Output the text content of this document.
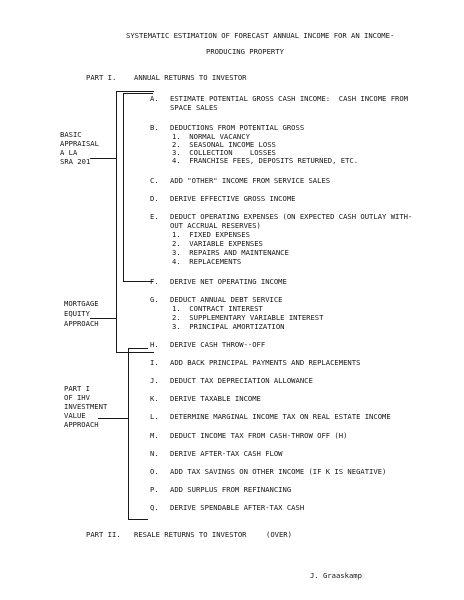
SYSTEMATIC ESTIMATION OF FORECAST ANNUAL INCOME FOR AN INCOME-
PRODUCING PROPERTY
PART I. ANNUAL RETURNS TO INVESTOR
BASIC
APPRAISAL
A LA
SRA 201
MORTGAGE
EQUITY
APPROACH
PART I
OF IHV
INVESTMENT
VALUE
APPROACH
A. ESTIMATE POTENTIAL GROSS CASH INCOME:  CASH INCOME FROM
SPACE SALES
B. DEDUCTIONS FROM POTENTIAL GROSS
1.  NORMAL VACANCY
2.  SEASONAL INCOME LOSS
3.  COLLECTION    LOSSES
4.  FRANCHISE FEES, DEPOSITS RETURNED, ETC.
C. ADD "OTHER" INCOME FROM SERVICE SALES
D. DERIVE EFFECTIVE GROSS INCOME
E. DEDUCT OPERATING EXPENSES (ON EXPECTED CASH OUTLAY WITH-
OUT ACCRUAL RESERVES)
1.  FIXED EXPENSES
2.  VARIABLE EXPENSES
3.  REPAIRS AND MAINTENANCE
4.  REPLACEMENTS
F. DERIVE NET OPERATING INCOME
G. DEDUCT ANNUAL DEBT SERVICE
1.  CONTRACT INTEREST
2.  SUPPLEMENTARY VARIABLE INTEREST
3.  PRINCIPAL AMORTIZATION
H. DERIVE CASH THROW--OFF
I. ADD BACK PRINCIPAL PAYMENTS AND REPLACEMENTS
J. DEDUCT TAX DEPRECIATION ALLOWANCE
K. DERIVE TAXABLE INCOME
L. DETERMINE MARGINAL INCOME TAX ON REAL ESTATE INCOME
M. DEDUCT INCOME TAX FROM CASH-THROW OFF (H)
N. DERIVE AFTER-TAX CASH FLOW
O. ADD TAX SAVINGS ON OTHER INCOME (IF K IS NEGATIVE)
P. ADD SURPLUS FROM REFINANCING
Q. DERIVE SPENDABLE AFTER-TAX CASH
PART II. RESALE RETURNS TO INVESTOR	(OVER)
J. Graaskamp
